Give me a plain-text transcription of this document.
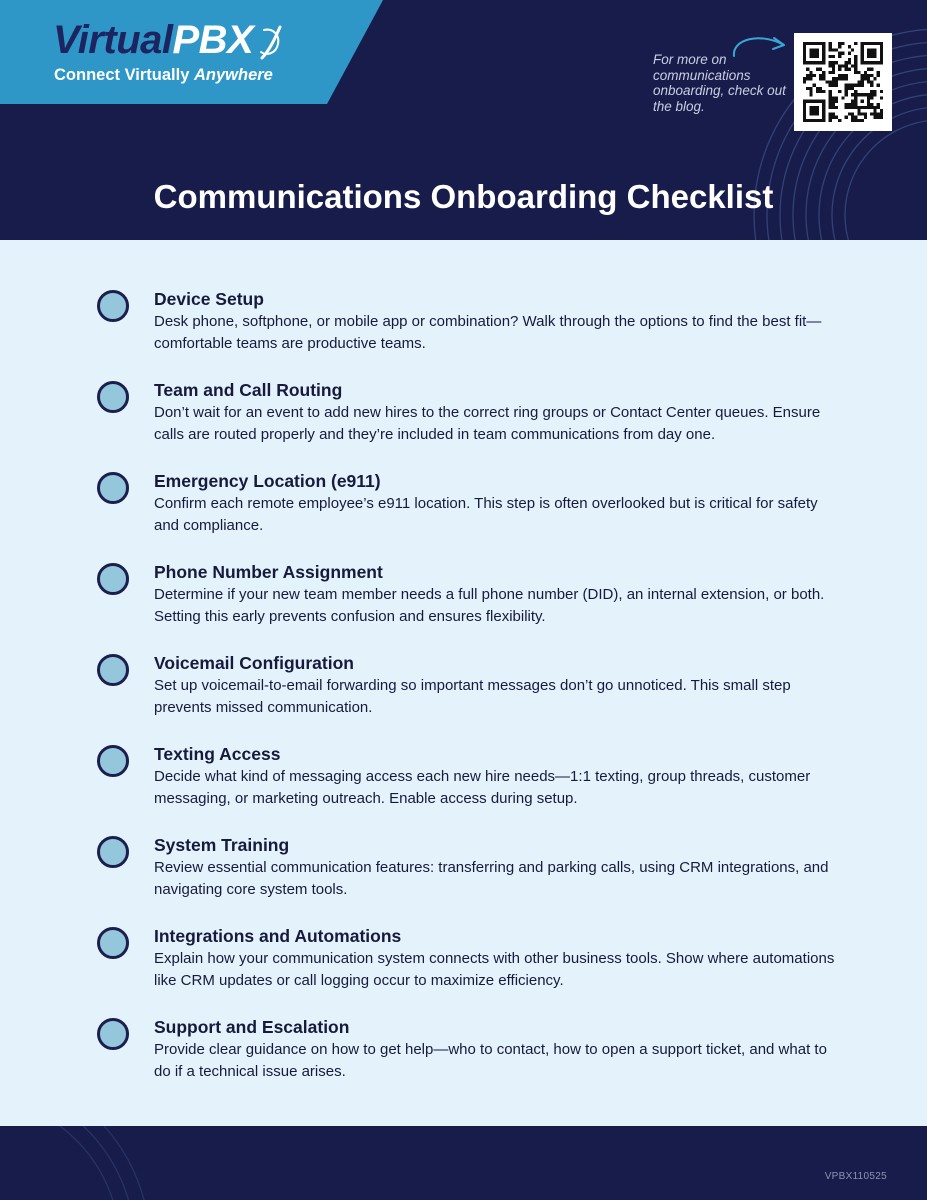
VirtualPBX
Connect Virtually Anywhere
For more on communications onboarding, check out the blog.
Communications Onboarding Checklist
Device Setup
Desk phone, softphone, or mobile app or combination? Walk through the options to find the best fit—comfortable teams are productive teams.
Team and Call Routing
Don’t wait for an event to add new hires to the correct ring groups or Contact Center queues. Ensure calls are routed properly and they’re included in team communications from day one.
Emergency Location (e911)
Confirm each remote employee’s e911 location. This step is often overlooked but is critical for safety and compliance.
Phone Number Assignment
Determine if your new team member needs a full phone number (DID), an internal extension, or both. Setting this early prevents confusion and ensures flexibility.
Voicemail Configuration
Set up voicemail-to-email forwarding so important messages don’t go unnoticed. This small step prevents missed communication.
Texting Access
Decide what kind of messaging access each new hire needs—1:1 texting, group threads, customer messaging, or marketing outreach. Enable access during setup.
System Training
Review essential communication features: transferring and parking calls, using CRM integrations, and navigating core system tools.
Integrations and Automations
Explain how your communication system connects with other business tools. Show where automations like CRM updates or call logging occur to maximize efficiency.
Support and Escalation
Provide clear guidance on how to get help—who to contact, how to open a support ticket, and what to do if a technical issue arises.
VPBX110525
